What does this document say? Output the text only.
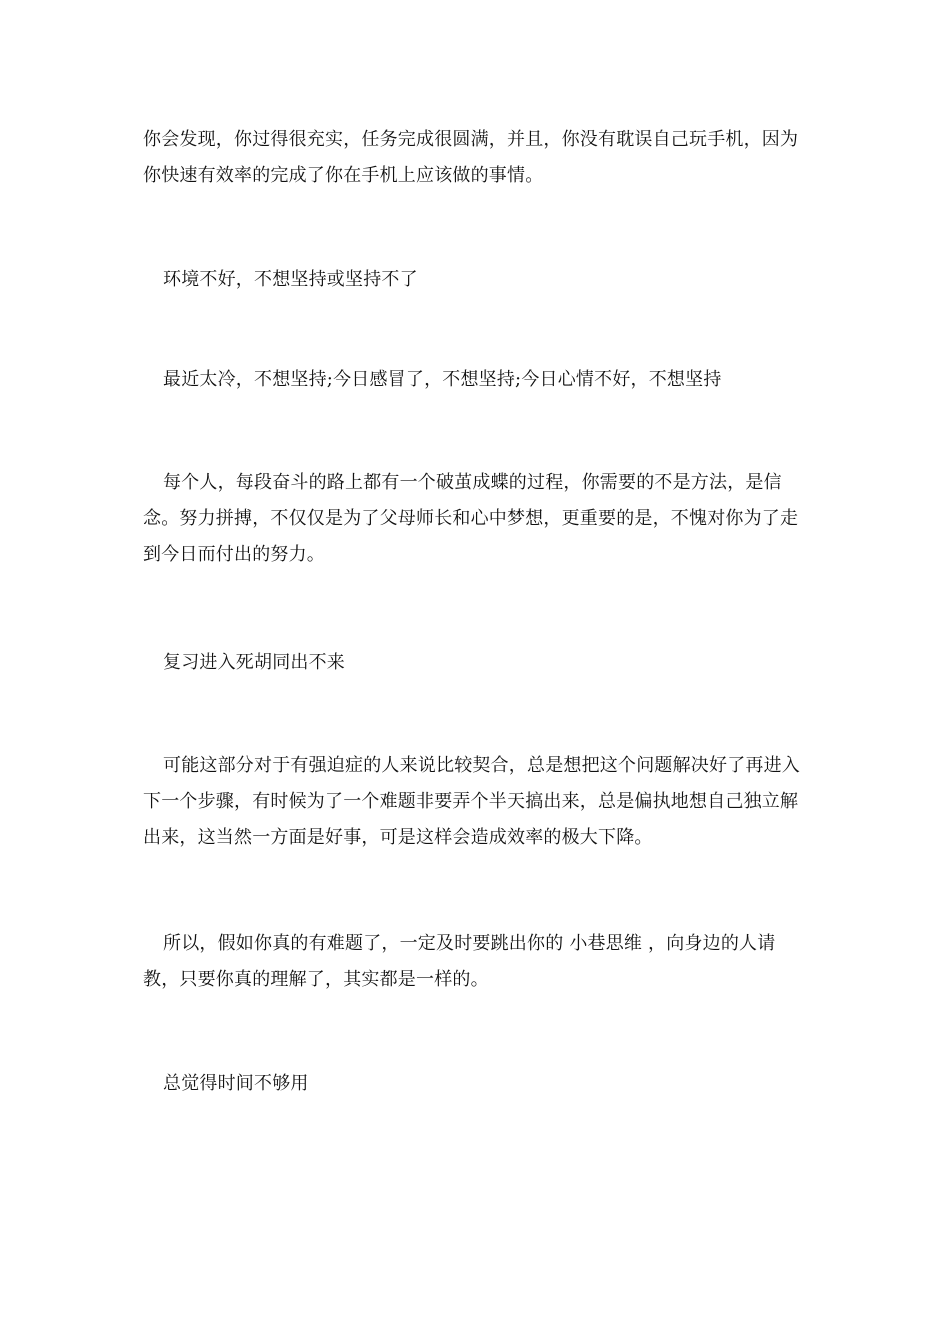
你会发现，你过得很充实，任务完成很圆满，并且，你没有耽误自己玩手机，因为你快速有效率的完成了你在手机上应该做的事情。

环境不好，不想坚持或坚持不了

最近太冷，不想坚持;今日感冒了，不想坚持;今日心情不好，不想坚持

每个人，每段奋斗的路上都有一个破茧成蝶的过程，你需要的不是方法，是信念。努力拼搏，不仅仅是为了父母师长和心中梦想，更重要的是，不愧对你为了走到今日而付出的努力。

复习进入死胡同出不来

可能这部分对于有强迫症的人来说比较契合，总是想把这个问题解决好了再进入下一个步骤，有时候为了一个难题非要弄个半天搞出来，总是偏执地想自己独立解出来，这当然一方面是好事，可是这样会造成效率的极大下降。

所以，假如你真的有难题了，一定及时要跳出你的 小巷思维 ，向身边的人请教，只要你真的理解了，其实都是一样的。

总觉得时间不够用
